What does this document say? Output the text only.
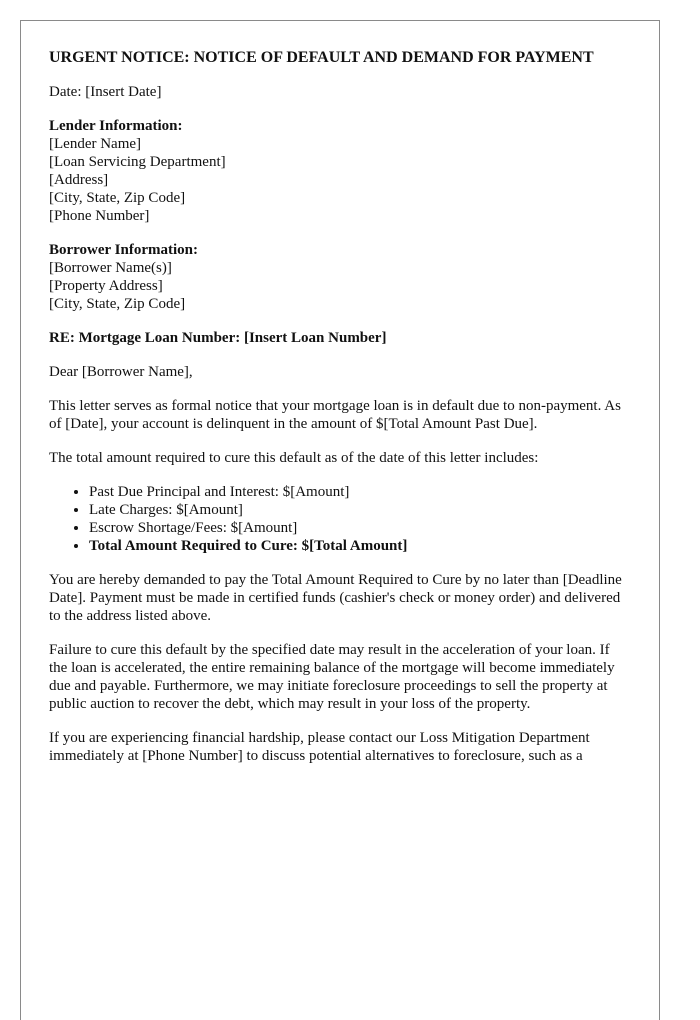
URGENT NOTICE: NOTICE OF DEFAULT AND DEMAND FOR PAYMENT

Date: [Insert Date]

Lender Information:
[Lender Name]
[Loan Servicing Department]
[Address]
[City, State, Zip Code]
[Phone Number]
Borrower Information:
[Borrower Name(s)]
[Property Address]
[City, State, Zip Code]

RE: Mortgage Loan Number: [Insert Loan Number]

Dear [Borrower Name],

This letter serves as formal notice that your mortgage loan is in default due to non-payment. As of [Date], your account is delinquent in the amount of $[Total Amount Past Due].

The total amount required to cure this default as of the date of this letter includes:

• Past Due Principal and Interest: $[Amount]
• Late Charges: $[Amount]
• Escrow Shortage/Fees: $[Amount]
• Total Amount Required to Cure: $[Total Amount]

You are hereby demanded to pay the Total Amount Required to Cure by no later than [Deadline Date]. Payment must be made in certified funds (cashier's check or money order) and delivered to the address listed above.

Failure to cure this default by the specified date may result in the acceleration of your loan. If the loan is accelerated, the entire remaining balance of the mortgage will become immediately due and payable. Furthermore, we may initiate foreclosure proceedings to sell the property at public auction to recover the debt, which may result in your loss of the property.

If you are experiencing financial hardship, please contact our Loss Mitigation Department immediately at [Phone Number] to discuss potential alternatives to foreclosure, such as a
